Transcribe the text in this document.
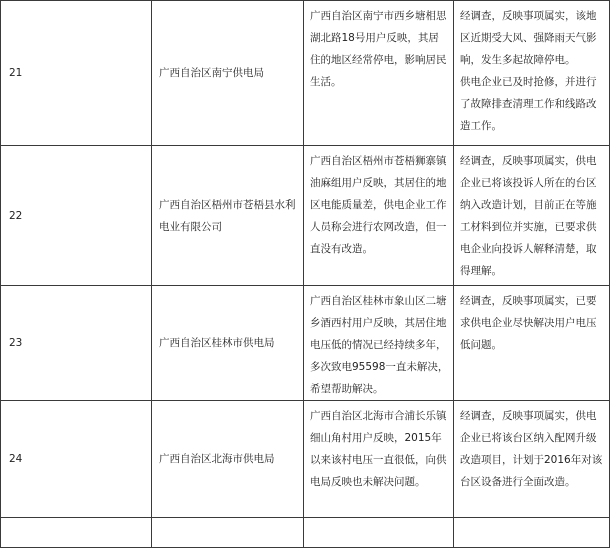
21	广西自治区南宁供电局	广西自治区南宁市西乡塘相思湖北路18号用户反映，其居住的地区经常停电，影响居民生活。	经调查，反映事项属实，该地区近期受大风、强降雨天气影响，发生多起故障停电。
供电企业已及时抢修，并进行了故障排查清理工作和线路改造工作。

22	广西自治区梧州市苍梧县水利电业有限公司	广西自治区梧州市苍梧狮寨镇油麻组用户反映，其居住的地区电能质量差，供电企业工作人员称会进行农网改造，但一直没有改造。	经调查，反映事项属实，供电企业已将该投诉人所在的台区纳入改造计划，目前正在等施工材料到位并实施，已要求供电企业向投诉人解释清楚，取得理解。

23	广西自治区桂林市供电局	广西自治区桂林市象山区二塘乡酒西村用户反映，其居住地电压低的情况已经持续多年，多次致电95598一直未解决，希望帮助解决。	经调查，反映事项属实，已要求供电企业尽快解决用户电压低问题。

24	广西自治区北海市供电局	广西自治区北海市合浦长乐镇细山角村用户反映，2015年以来该村电压一直很低，向供电局反映也未解决问题。	经调查，反映事项属实，供电企业已将该台区纳入配网升级改造项目，计划于2016年对该台区设备进行全面改造。
